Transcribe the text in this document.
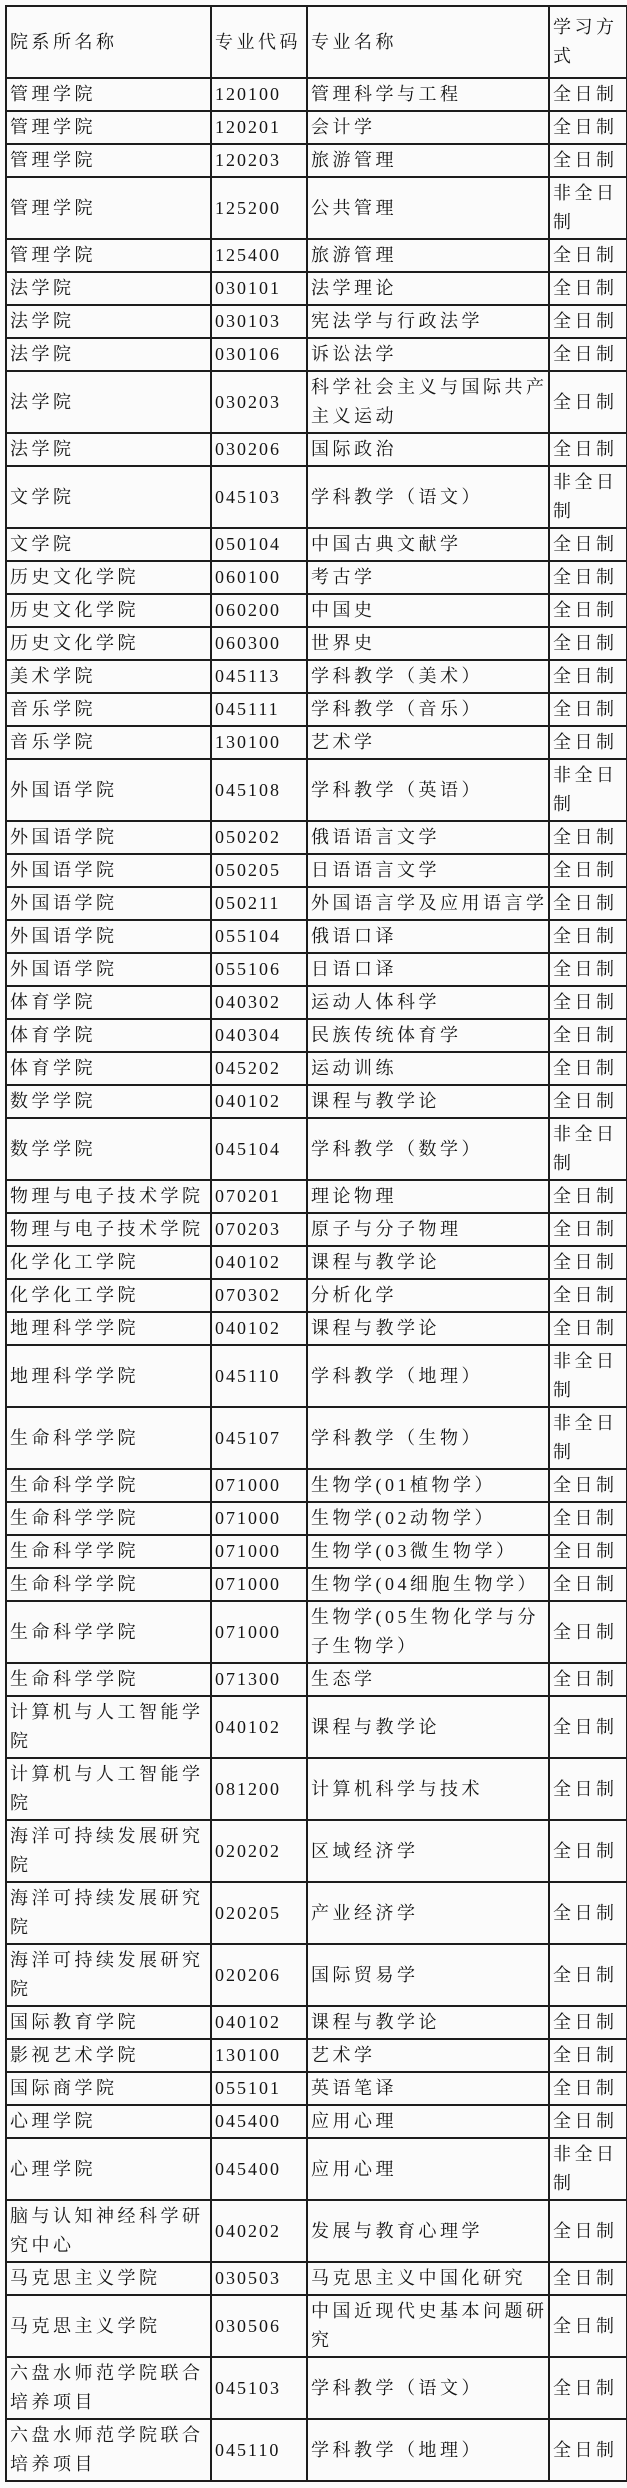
院系所名称	专业代码	专业名称	学习方式
管理学院	120100	管理科学与工程	全日制
管理学院	120201	会计学	全日制
管理学院	120203	旅游管理	全日制
管理学院	125200	公共管理	非全日制
管理学院	125400	旅游管理	全日制
法学院	030101	法学理论	全日制
法学院	030103	宪法学与行政法学	全日制
法学院	030106	诉讼法学	全日制
法学院	030203	科学社会主义与国际共产主义运动	全日制
法学院	030206	国际政治	全日制
文学院	045103	学科教学（语文）	非全日制
文学院	050104	中国古典文献学	全日制
历史文化学院	060100	考古学	全日制
历史文化学院	060200	中国史	全日制
历史文化学院	060300	世界史	全日制
美术学院	045113	学科教学（美术）	全日制
音乐学院	045111	学科教学（音乐）	全日制
音乐学院	130100	艺术学	全日制
外国语学院	045108	学科教学（英语）	非全日制
外国语学院	050202	俄语语言文学	全日制
外国语学院	050205	日语语言文学	全日制
外国语学院	050211	外国语言学及应用语言学	全日制
外国语学院	055104	俄语口译	全日制
外国语学院	055106	日语口译	全日制
体育学院	040302	运动人体科学	全日制
体育学院	040304	民族传统体育学	全日制
体育学院	045202	运动训练	全日制
数学学院	040102	课程与教学论	全日制
数学学院	045104	学科教学（数学）	非全日制
物理与电子技术学院	070201	理论物理	全日制
物理与电子技术学院	070203	原子与分子物理	全日制
化学化工学院	040102	课程与教学论	全日制
化学化工学院	070302	分析化学	全日制
地理科学学院	040102	课程与教学论	全日制
地理科学学院	045110	学科教学（地理）	非全日制
生命科学学院	045107	学科教学（生物）	非全日制
生命科学学院	071000	生物学(01植物学）	全日制
生命科学学院	071000	生物学(02动物学）	全日制
生命科学学院	071000	生物学(03微生物学）	全日制
生命科学学院	071000	生物学(04细胞生物学）	全日制
生命科学学院	071000	生物学(05生物化学与分子生物学）	全日制
生命科学学院	071300	生态学	全日制
计算机与人工智能学院	040102	课程与教学论	全日制
计算机与人工智能学院	081200	计算机科学与技术	全日制
海洋可持续发展研究院	020202	区域经济学	全日制
海洋可持续发展研究院	020205	产业经济学	全日制
海洋可持续发展研究院	020206	国际贸易学	全日制
国际教育学院	040102	课程与教学论	全日制
影视艺术学院	130100	艺术学	全日制
国际商学院	055101	英语笔译	全日制
心理学院	045400	应用心理	全日制
心理学院	045400	应用心理	非全日制
脑与认知神经科学研究中心	040202	发展与教育心理学	全日制
马克思主义学院	030503	马克思主义中国化研究	全日制
马克思主义学院	030506	中国近现代史基本问题研究	全日制
六盘水师范学院联合培养项目	045103	学科教学（语文）	全日制
六盘水师范学院联合培养项目	045110	学科教学（地理）	全日制
